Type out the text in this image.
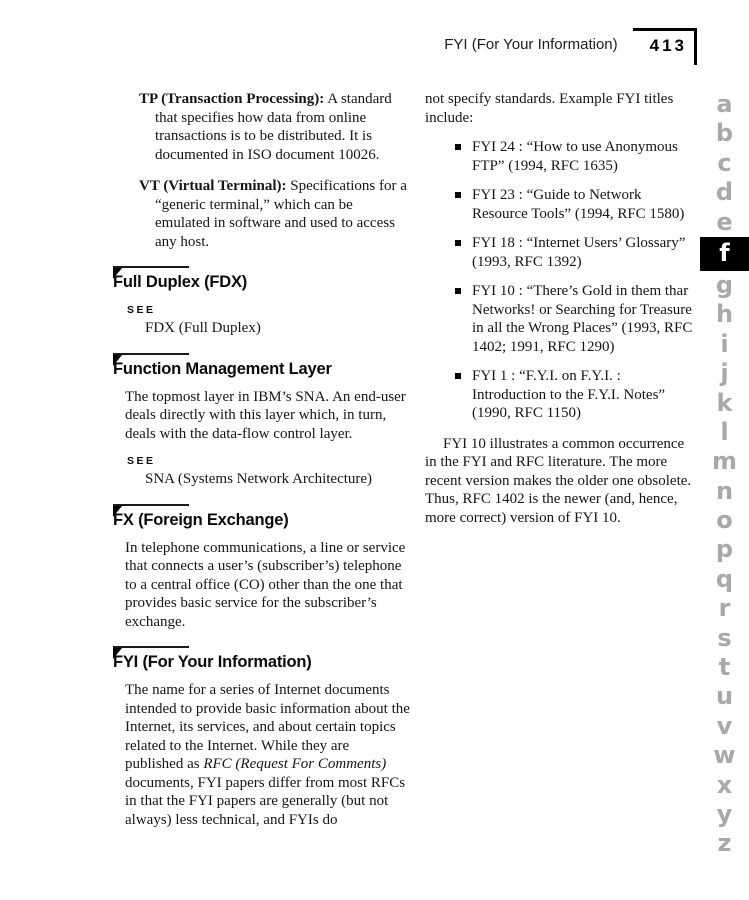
FYI (For Your Information)	413

TP (Transaction Processing): A standard that specifies how data from online transactions is to be distributed. It is documented in ISO document 10026.

VT (Virtual Terminal): Specifications for a “generic terminal,” which can be emulated in software and used to access any host.

Full Duplex (FDX)
SEE
FDX (Full Duplex)
Function Management Layer

The topmost layer in IBM’s SNA. An end-user deals directly with this layer which, in turn, deals with the data-flow control layer.

SEE
SNA (Systems Network Architecture)
FX (Foreign Exchange)

In telephone communications, a line or service that connects a user’s (subscriber’s) telephone to a central office (CO) other than the one that provides basic service for the subscriber’s exchange.

FYI (For Your Information)

The name for a series of Internet documents intended to provide basic information about the Internet, its services, and about certain topics related to the Internet. While they are published as RFC (Request For Comments) documents, FYI papers differ from most RFCs in that the FYI papers are generally (but not always) less technical, and FYIs do

not specify standards. Example FYI titles include:

FYI 24 : “How to use Anonymous FTP” (1994, RFC 1635)
FYI 23 : “Guide to Network Resource Tools” (1994, RFC 1580)
FYI 18 : “Internet Users’ Glossary” (1993, RFC 1392)
FYI 10 : “There’s Gold in them thar Networks! or Searching for Treasure in all the Wrong Places” (1993, RFC 1402; 1991, RFC 1290)
FYI 1 : “F.Y.I. on F.Y.I. : Introduction to the F.Y.I. Notes” (1990, RFC 1150)

FYI 10 illustrates a common occurrence in the FYI and RFC literature. The more recent version makes the older one obsolete. Thus, RFC 1402 is the newer (and, hence, more correct) version of FYI 10.

a
b
c
d
e
f
g
h
i
j
k
l
m
n
o
p
q
r
s
t
u
v
w
x
y
z
